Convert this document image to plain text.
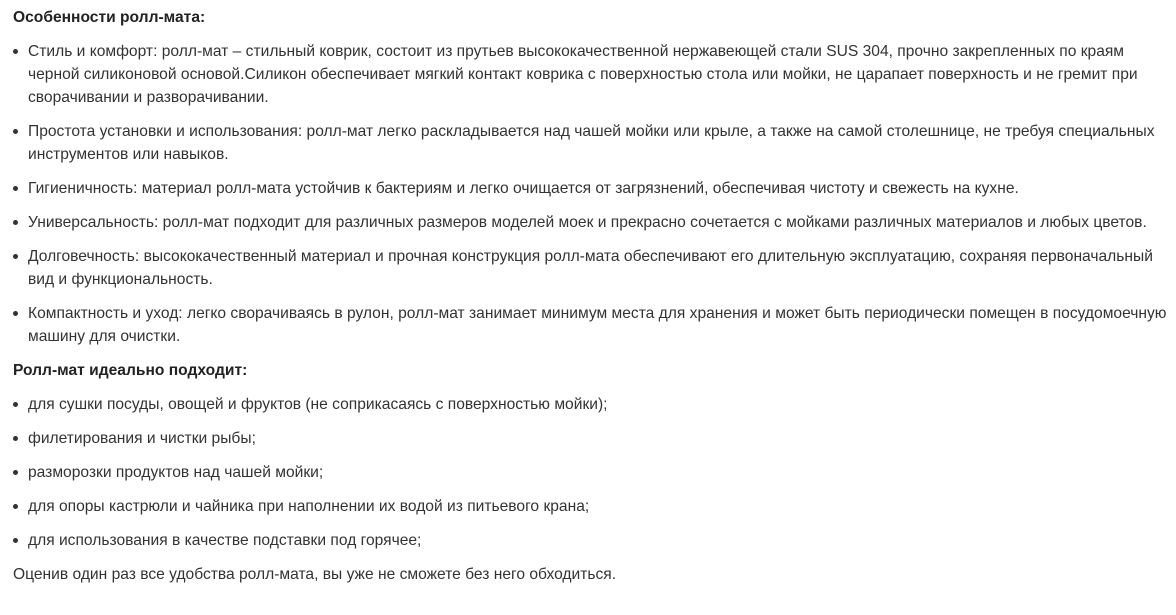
Особенности ролл-мата:

Стиль и комфорт: ролл-мат – стильный коврик, состоит из прутьев высококачественной нержавеющей стали SUS 304, прочно закрепленных по краям черной силиконовой основой.Силикон обеспечивает мягкий контакт коврика с поверхностью стола или мойки, не царапает поверхность и не гремит при сворачивании и разворачивании.
Простота установки и использования: ролл-мат легко раскладывается над чашей мойки или крыле, а также на самой столешнице, не требуя специальных инструментов или навыков.
Гигиеничность: материал ролл-мата устойчив к бактериям и легко очищается от загрязнений, обеспечивая чистоту и свежесть на кухне.
Универсальность: ролл-мат подходит для различных размеров моделей моек и прекрасно сочетается с мойками различных материалов и любых цветов.
Долговечность: высококачественный материал и прочная конструкция ролл-мата обеспечивают его длительную эксплуатацию, сохраняя первоначальный вид и функциональность.
Компактность и уход: легко сворачиваясь в рулон, ролл-мат занимает минимум места для хранения и может быть периодически помещен в посудомоечную машину для очистки.

Ролл-мат идеально подходит:

для сушки посуды, овощей и фруктов (не соприкасаясь с поверхностью мойки);
филетирования и чистки рыбы;
разморозки продуктов над чашей мойки;
для опоры кастрюли и чайника при наполнении их водой из питьевого крана;
для использования в качестве подставки под горячее;

Оценив один раз все удобства ролл-мата, вы уже не сможете без него обходиться.
